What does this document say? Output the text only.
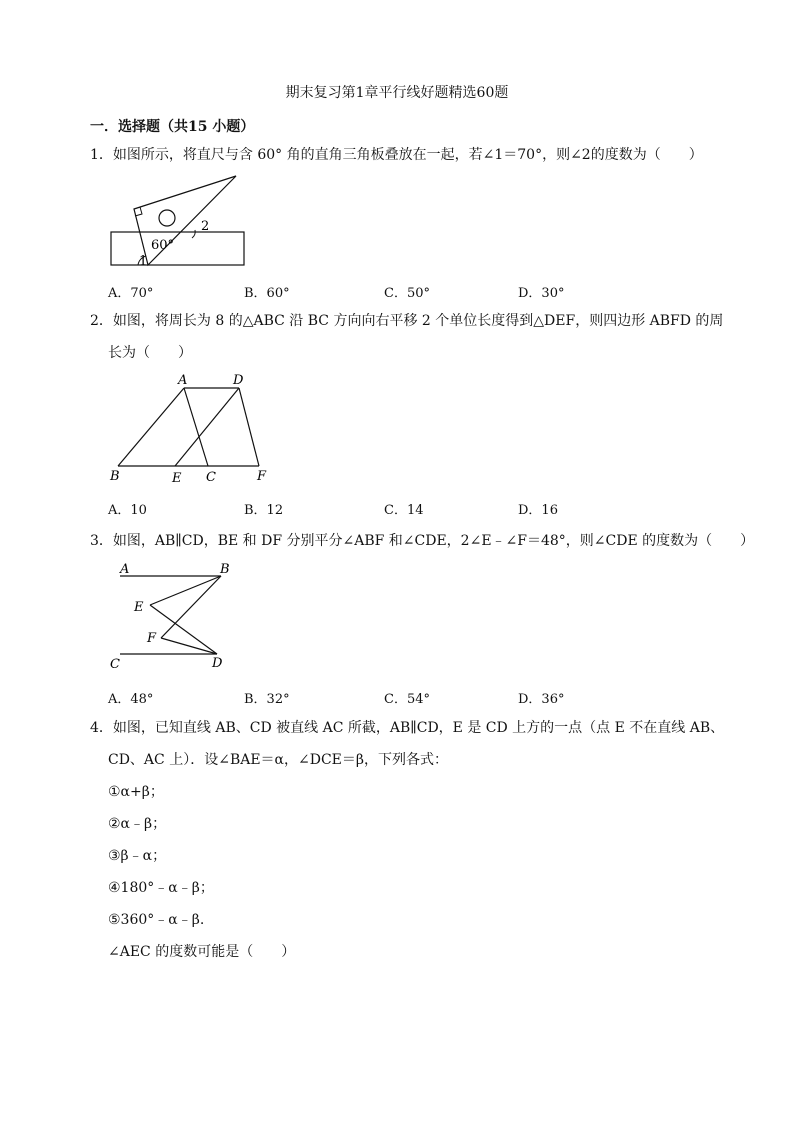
期末复习第1章平行线好题精选60题
一．选择题（共15 小题）
1．如图所示，将直尺与含 60° 角的直角三角板叠放在一起，若∠1＝70°，则∠2的度数为（　　）
60°
1
2
A．70°	B．60°	C．50°	D．30°
2．如图，将周长为 8 的△ABC 沿 BC 方向向右平移 2 个单位长度得到△DEF，则四边形 ABFD 的周
长为（　　）
A	D
B	E C	F
A．10	B．12	C．14	D．16
3．如图，AB∥CD，BE 和 DF 分别平分∠ABF 和∠CDE，2∠E﹣∠F＝48°，则∠CDE 的度数为（　　）
A	B
E
F
C	D
A．48°	B．32°	C．54°	D．36°
4．如图，已知直线 AB、CD 被直线 AC 所截，AB∥CD，E 是 CD 上方的一点（点 E 不在直线 AB、
CD、AC 上）．设∠BAE＝α，∠DCE＝β，下列各式：
①α+β；
②α﹣β；
③β﹣α；
④180°﹣α﹣β；
⑤360°﹣α﹣β.
∠AEC 的度数可能是（　　）
